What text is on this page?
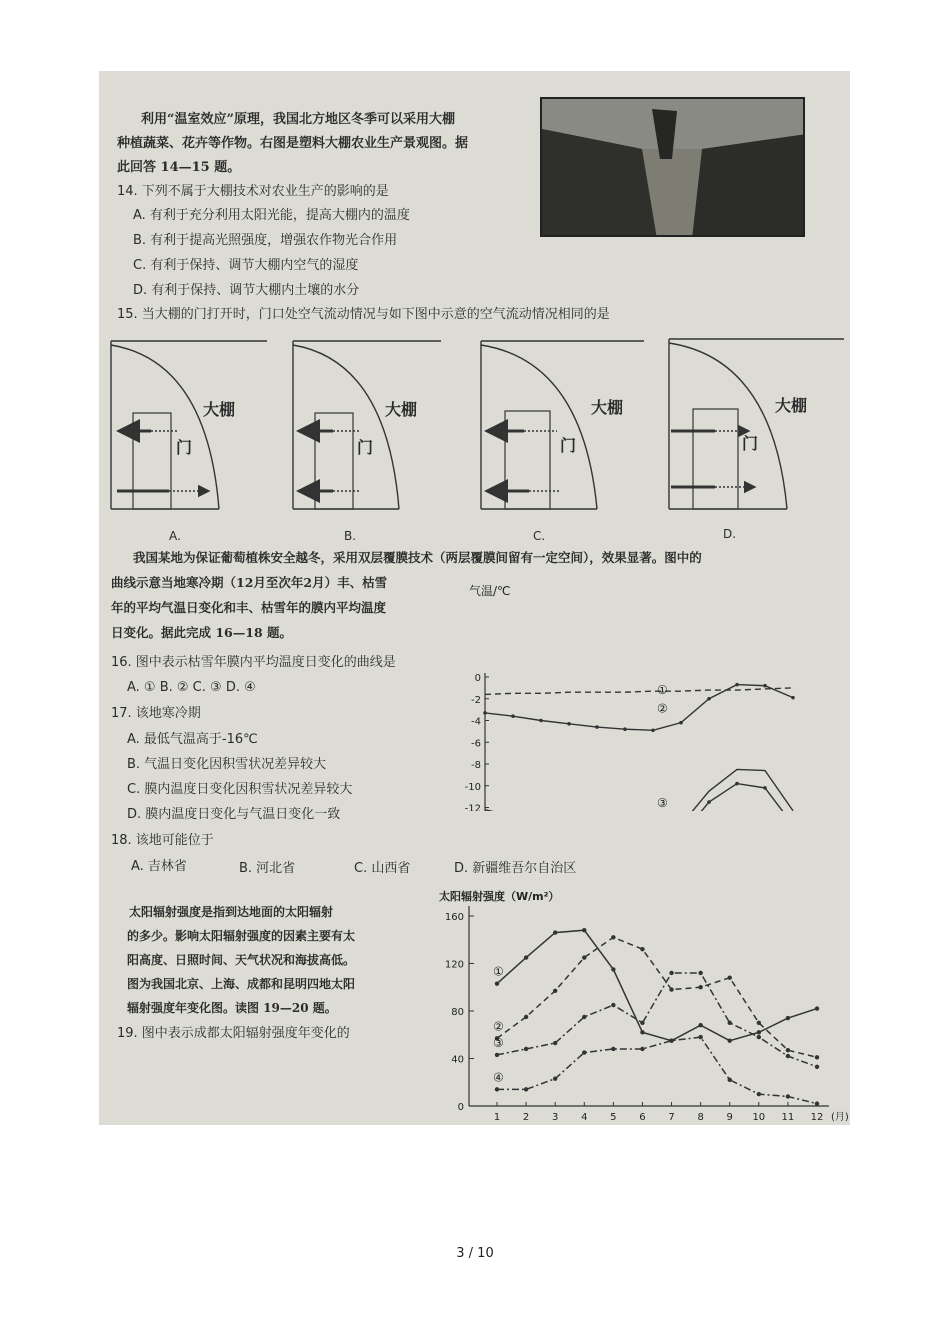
利用“温室效应”原理，我国北方地区冬季可以采用大棚
种植蔬菜、花卉等作物。右图是塑料大棚农业生产景观图。据
此回答 14—15 题。
14. 下列不属于大棚技术对农业生产的影响的是
A. 有利于充分利用太阳光能，提高大棚内的温度
B. 有利于提高光照强度，增强农作物光合作用
C. 有利于保持、调节大棚内空气的湿度
D. 有利于保持、调节大棚内土壤的水分
15. 当大棚的门打开时，门口处空气流动情况与如下图中示意的空气流动情况相同的是
大棚	大棚	大棚	大棚
门	门	门	门
A.	B.	C.	D.
我国某地为保证葡萄植株安全越冬，采用双层覆膜技术（两层覆膜间留有一定空间），效果显著。图中的
曲线示意当地寒冷期（12月至次年2月）丰、枯雪
年的平均气温日变化和丰、枯雪年的膜内平均温度
日变化。据此完成 16—18 题。
16. 图中表示枯雪年膜内平均温度日变化的曲线是
A. ① B. ② C. ③ D. ④
17. 该地寒冷期
A. 最低气温高于-16℃
B. 气温日变化因积雪状况差异较大
C. 膜内温度日变化因积雪状况差异较大
D. 膜内温度日变化与气温日变化一致
18. 该地可能位于
A. 吉林省	B. 河北省	C. 山西省	D. 新疆维吾尔自治区
气温/℃
0
-2
-4
-6
-8
-10
-12
①
②
③
太阳辐射强度是指到达地面的太阳辐射
的多少。影响太阳辐射强度的因素主要有太
阳高度、日照时间、天气状况和海拔高低。
图为我国北京、上海、成都和昆明四地太阳
辐射强度年变化图。读图 19—20 题。
19. 图中表示成都太阳辐射强度年变化的
太阳辐射强度（W/m²）
0
40
80
120
160
1 2 3 4 5 6 7 8 9 10 11 12 (月)
①
②
③
④
3 / 10
